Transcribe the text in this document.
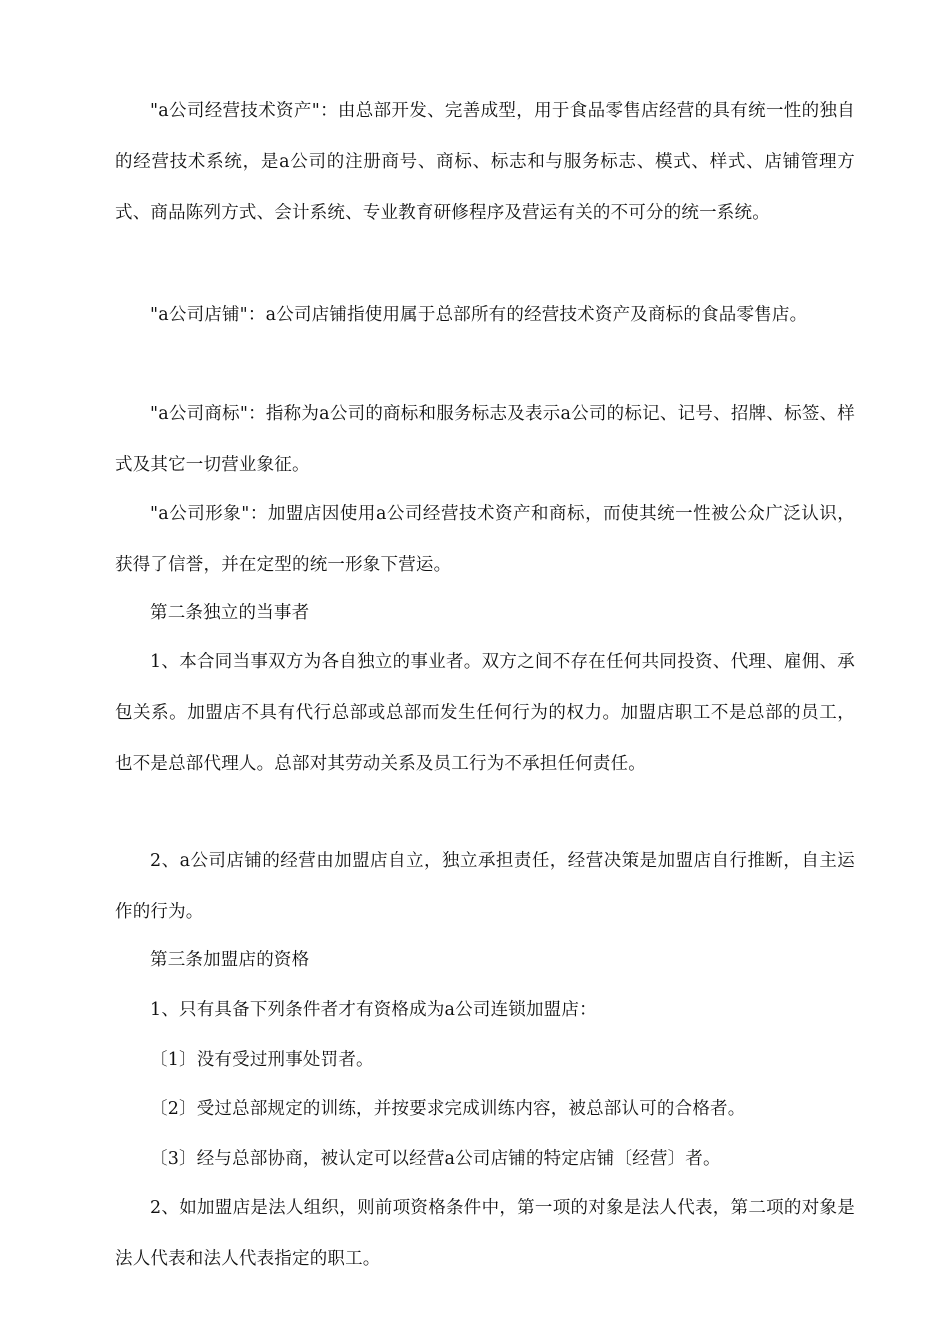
"a公司经营技术资产"：由总部开发、完善成型，用于食品零售店经营的具有统一性的独自的经营技术系统，是a公司的注册商号、商标、标志和与服务标志、模式、样式、店铺管理方式、商品陈列方式、会计系统、专业教育研修程序及营运有关的不可分的统一系统。

"a公司店铺"：a公司店铺指使用属于总部所有的经营技术资产及商标的食品零售店。

"a公司商标"：指称为a公司的商标和服务标志及表示a公司的标记、记号、招牌、标签、样式及其它一切营业象征。

"a公司形象"：加盟店因使用a公司经营技术资产和商标，而使其统一性被公众广泛认识，获得了信誉，并在定型的统一形象下营运。

第二条独立的当事者

1、本合同当事双方为各自独立的事业者。双方之间不存在任何共同投资、代理、雇佣、承包关系。加盟店不具有代行总部或总部而发生任何行为的权力。加盟店职工不是总部的员工，也不是总部代理人。总部对其劳动关系及员工行为不承担任何责任。

2、a公司店铺的经营由加盟店自立，独立承担责任，经营决策是加盟店自行推断，自主运作的行为。

第三条加盟店的资格

1、只有具备下列条件者才有资格成为a公司连锁加盟店：

〔1〕没有受过刑事处罚者。

〔2〕受过总部规定的训练，并按要求完成训练内容，被总部认可的合格者。

〔3〕经与总部协商，被认定可以经营a公司店铺的特定店铺〔经营〕者。

2、如加盟店是法人组织，则前项资格条件中，第一项的对象是法人代表，第二项的对象是法人代表和法人代表指定的职工。
